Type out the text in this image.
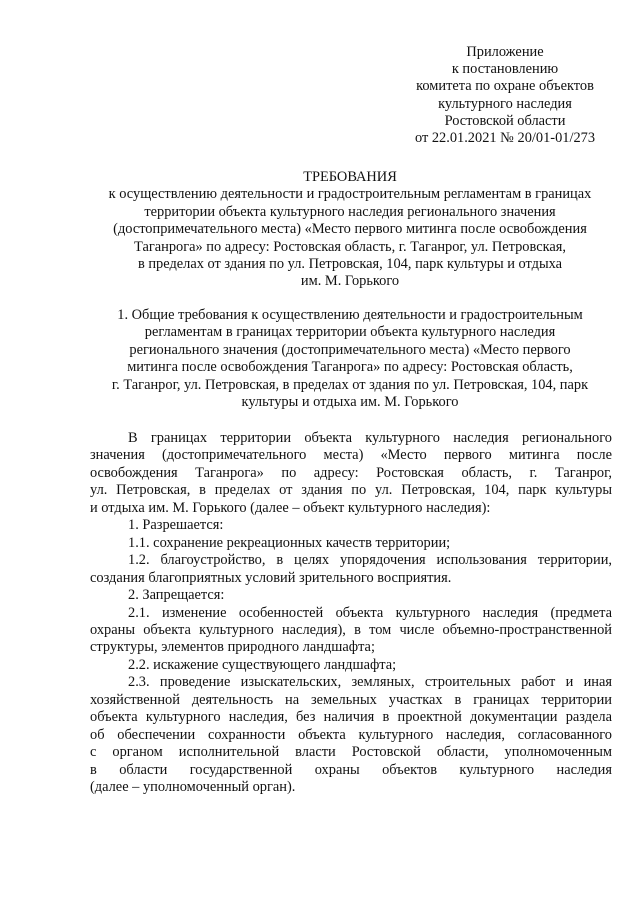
Приложение
к постановлению
комитета по охране объектов
культурного наследия
Ростовской области
от 22.01.2021 № 20/01-01/273
ТРЕБОВАНИЯ
к осуществлению деятельности и градостроительным регламентам в границах
территории объекта культурного наследия регионального значения
(достопримечательного места) «Место первого митинга после освобождения
Таганрога» по адресу: Ростовская область, г. Таганрог, ул. Петровская,
в пределах от здания по ул. Петровская, 104, парк культуры и отдыха
им. М. Горького
1. Общие требования к осуществлению деятельности и градостроительным
регламентам в границах территории объекта культурного наследия
регионального значения (достопримечательного места) «Место первого
митинга после освобождения Таганрога» по адресу: Ростовская область,
г. Таганрог, ул. Петровская, в пределах от здания по ул. Петровская, 104, парк
культуры и отдыха им. М. Горького
В границах территории объекта культурного наследия регионального
значения (достопримечательного места) «Место первого митинга после
освобождения Таганрога» по адресу: Ростовская область, г. Таганрог,
ул. Петровская, в пределах от здания по ул. Петровская, 104, парк культуры
и отдыха им. М. Горького (далее – объект культурного наследия):
1. Разрешается:
1.1. сохранение рекреационных качеств территории;
1.2. благоустройство, в целях упорядочения использования территории,
создания благоприятных условий зрительного восприятия.
2. Запрещается:
2.1. изменение особенностей объекта культурного наследия (предмета
охраны объекта культурного наследия), в том числе объемно-пространственной
структуры, элементов природного ландшафта;
2.2. искажение существующего ландшафта;
2.3. проведение изыскательских, земляных, строительных работ и иная
хозяйственной деятельность на земельных участках в границах территории
объекта культурного наследия, без наличия в проектной документации раздела
об обеспечении сохранности объекта культурного наследия, согласованного
с органом исполнительной власти Ростовской области, уполномоченным
в области государственной охраны объектов культурного наследия
(далее – уполномоченный орган).
